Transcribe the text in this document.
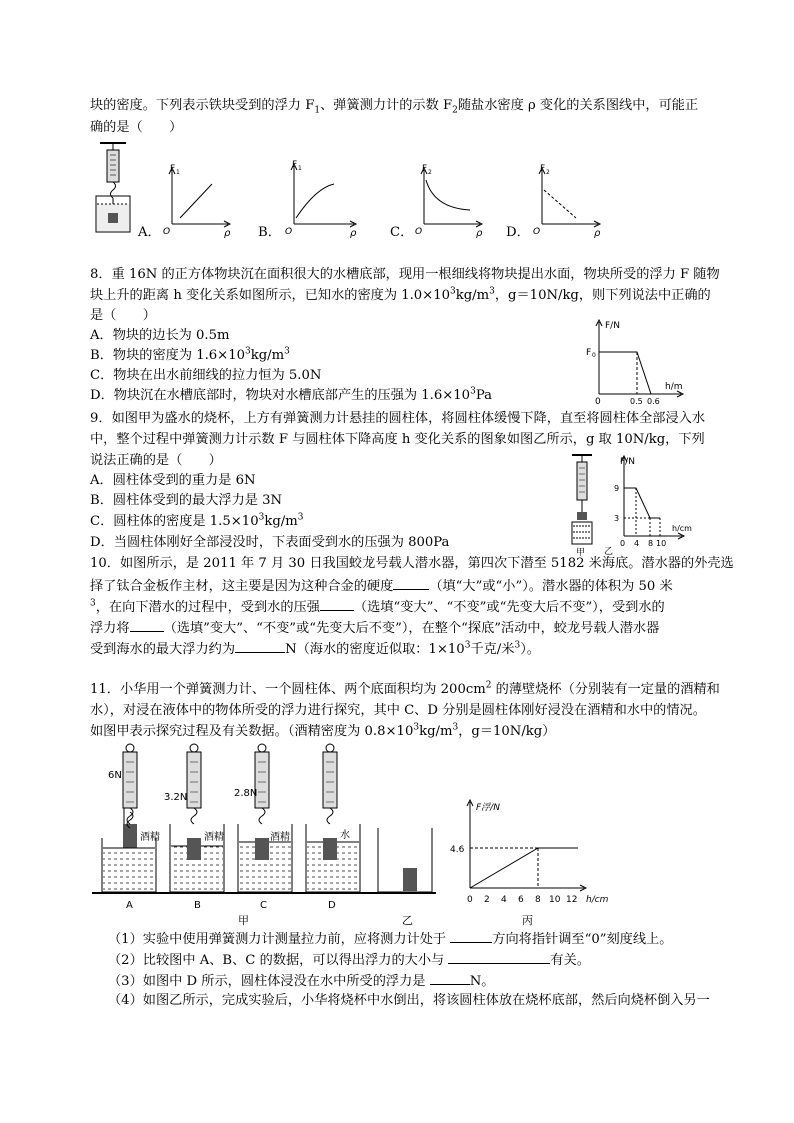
块的密度。下列表示铁块受到的浮力 $F_1$、弹簧测力计的示数 $F_2$随盐水密度 ρ 变化的关系图线中，可能正
确的是（　　）
A．
F 1
O	ρ B．
F 1
O	ρ	C．
F 2
O	ρ D．
F 2
O	ρ
8．重 16N 的正方体物块沉在面积很大的水槽底部，现用一根细线将物块提出水面，物块所受的浮力 F 随物
块上升的距离 h 变化关系如图所示，已知水的密度为 $1.0\times 10^3kg/m^3$，g＝10N/kg，则下列说法中正确的
是（　　）
A．物块的边长为 0.5m
B．物块的密度为 $1.6\times 10^3kg/m^3$
C．物块在出水前细线的拉力恒为 5.0N
D．物块沉在水槽底部时，物块对水槽底部产生的压强为 $1.6\times 10^3Pa$
F/N
F 0
h/m
0	0.5 0.6
9．如图甲为盛水的烧杯，上方有弹簧测力计悬挂的圆柱体，将圆柱体缓慢下降，直至将圆柱体全部浸入水
中，整个过程中弹簧测力计示数 F 与圆柱体下降高度 h 变化关系的图象如图乙所示，g 取 10N/kg，下列
说法正确的是（　　）
A．圆柱体受到的重力是 6N
B．圆柱体受到的最大浮力是 3N
C．圆柱体的密度是 $1.5\times 10^3kg/m^3$
D．当圆柱体刚好全部浸没时，下表面受到水的压强为 800Pa
甲
F/N
9
3
0 4 8 10
h/cm
乙
10．如图所示，是 2011 年 7 月 30 日我国蛟龙号载人潜水器，第四次下潜至 5182 米海底。潜水器的外壳选
择了钛合金板作主材，这主要是因为这种合金的硬度	（填“大”或“小”）。潜水器的体积为 50 米
$^3$，在向下潜水的过程中，受到水的压强	（选填“变大”、“不变”或“先变大后不变”），受到水的
浮力将	（选填”变大”、“不变”或“先变大后不变”），在整个“探底”活动中，蛟龙号载人潜水器
受到海水的最大浮力约为	N（海水的密度近似取：$1\times 10^3$千克/米$^3$）。
11．小华用一个弹簧测力计、一个圆柱体、两个底面积均为 $200cm^2$ 的薄壁烧杯（分别装有一定量的酒精和
水），对浸在液体中的物体所受的浮力进行探究，其中 C、D 分别是圆柱体刚好浸没在酒精和水中的情况。
如图甲表示探究过程及有关数据。（酒精密度为 $0.8\times 10^3kg/m^3$，g＝10N/kg）
6N
3.2N	2.8N
酒精	酒精	酒精	水
A	B	C	D
甲	乙
F浮/N
4.6
0 2 4 6 8 10 12 h/cm
丙
（1）实验中使用弹簧测力计测量拉力前，应将测力计处于	方向将指针调至“0”刻度线上。
（2）比较图中 A、B、C 的数据，可以得出浮力的大小与	有关。
（3）如图中 D 所示，圆柱体浸没在水中所受的浮力是	N。
（4）如图乙所示，完成实验后，小华将烧杯中水倒出，将该圆柱体放在烧杯底部，然后向烧杯倒入另一
